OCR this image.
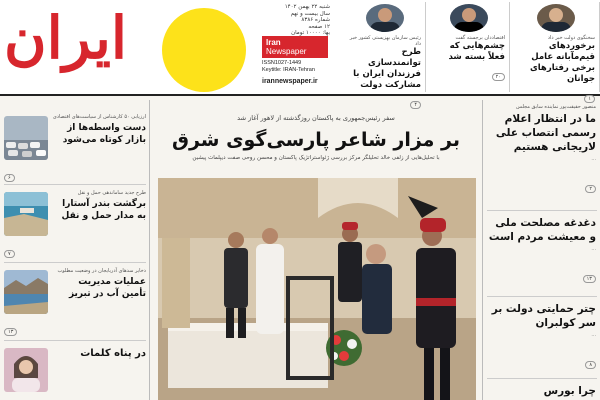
ایران	شنبه ۲۲ بهمن ۱۴۰۲
سال بیست و نهم
شماره ۸۳۸۶
۱۲ صفحه
بها: ۱۰۰۰۰ تومان
Iran
Newspaper
ISSN1027-1449
Keytitle: IRAN-Tehran
irannewspaper.ir
رئیس سازمان بهزیستی کشور خبر داد
طرح توانمندسازی فرزندان ایران با مشارکت دولت
۴
اقتصاددان برجسته گفت
چشم‌هایی که فعلاً بسته شد
۲۰
سخنگوی دولت خبر داد
برخوردهای قیم‌مآبانه عامل برخی رفتارهای جوانان
۱
ارزیابی ۵۰ کارشناس از سیاست‌های اقتصادی
دست واسطه‌ها از بازار کوتاه می‌شود
۶
طرح جدید ساماندهی حمل و نقل
برگشت بندر آستارا به مدار حمل و نقل
۷
ذخایر سدهای آذربایجان در وضعیت مطلوب
عملیات مدیریت تأمین آب در تبریز
۱۳
در پناه کلمات
سفر رئیس‌جمهوری به پاکستان روزگذشته از لاهور آغاز شد
بر مزار شاعر پارسی‌گوی شرق
با تحلیل‌هایی از زلفی خالد تحلیلگر مرکز بررسی ژئواستراتژیک پاکستان و محسن روحی صفت دیپلمات پیشین
منصور حقیقت‌پور نماینده سابق مجلس
ما در انتظار اعلام رسمی انتصاب علی لاریجانی هستیم
...
۲
دغدغه مصلحت ملی و معیشت مردم است
...
۱۳
چتر حمایتی دولت بر سر کولبران
...
۸
چرا بورس
